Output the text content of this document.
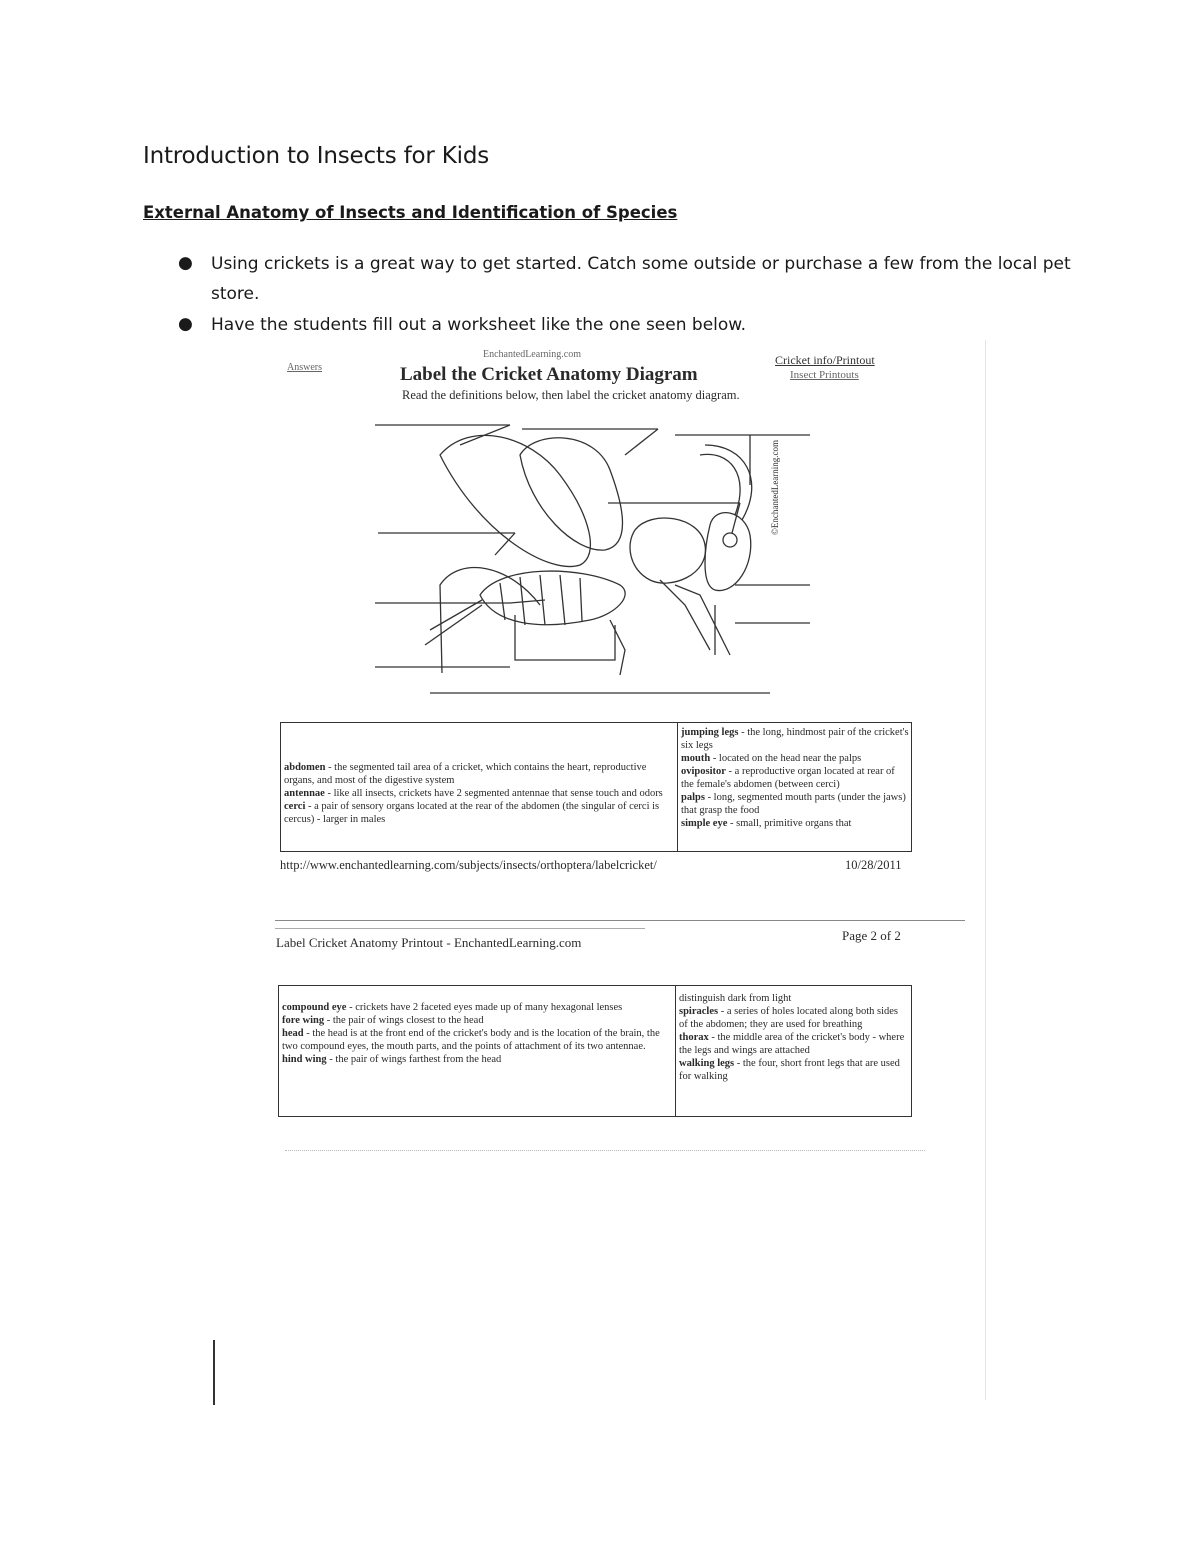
Introduction to Insects for Kids
External Anatomy of Insects and Identification of Species
● Using crickets is a great way to get started. Catch some outside or purchase a few from the local pet store.
● Have the students fill out a worksheet like the one seen below.
Answers
EnchantedLearning.com
Label the Cricket Anatomy Diagram
Read the definitions below, then label the cricket anatomy diagram.
Cricket info/Printout
Insect Printouts
©EnchantedLearning.com
abdomen - the segmented tail area of a cricket, which contains the heart, reproductive organs, and most of the digestive system
antennae - like all insects, crickets have 2 segmented antennae that sense touch and odors
cerci - a pair of sensory organs located at the rear of the abdomen (the singular of cerci is cercus) - larger in males
jumping legs - the long, hindmost pair of the cricket's six legs
mouth - located on the head near the palps
ovipositor - a reproductive organ located at rear of the female's abdomen (between cerci)
palps - long, segmented mouth parts (under the jaws) that grasp the food
simple eye - small, primitive organs that
http://www.enchantedlearning.com/subjects/insects/orthoptera/labelcricket/	10/28/2011
Label Cricket Anatomy Printout - EnchantedLearning.com	Page 2 of 2
compound eye - crickets have 2 faceted eyes made up of many hexagonal lenses
fore wing - the pair of wings closest to the head
head - the head is at the front end of the cricket's body and is the location of the brain, the two compound eyes, the mouth parts, and the points of attachment of its two antennae.
hind wing - the pair of wings farthest from the head
distinguish dark from light
spiracles - a series of holes located along both sides of the abdomen; they are used for breathing
thorax - the middle area of the cricket's body - where the legs and wings are attached
walking legs - the four, short front legs that are used for walking
